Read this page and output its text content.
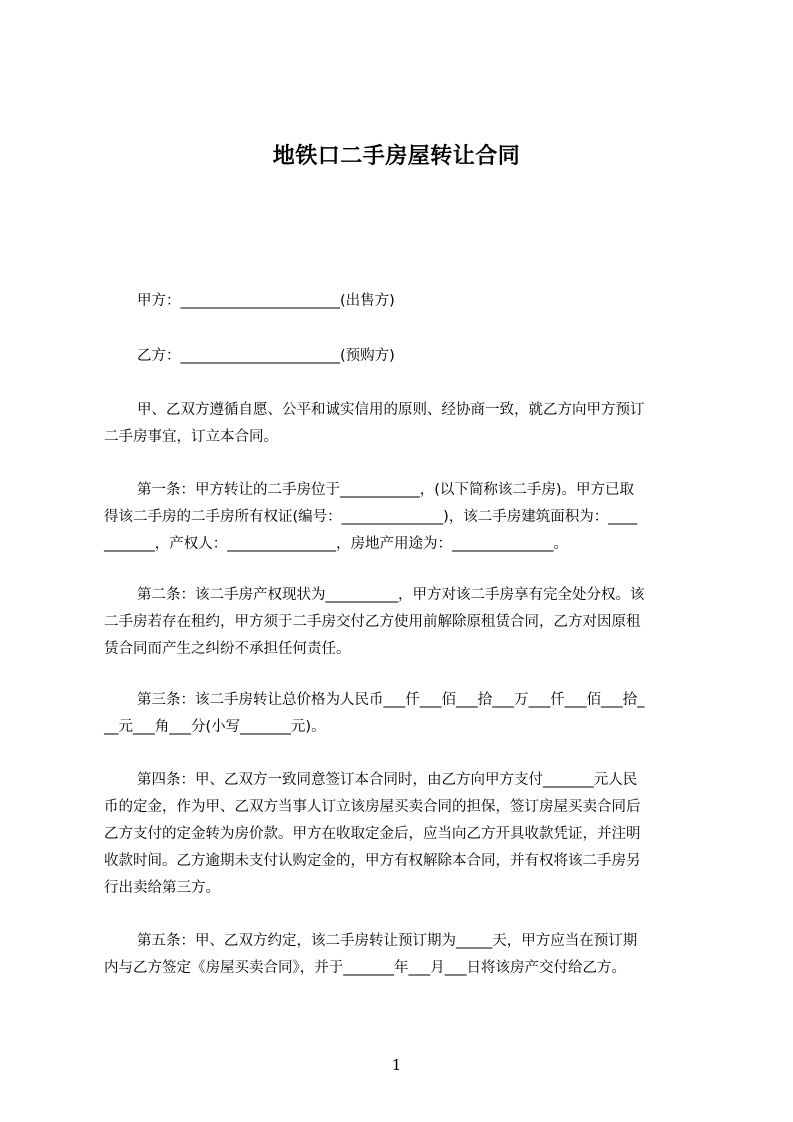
地铁口二手房屋转让合同
甲方：______________________(出售方)
乙方：______________________(预购方)
甲、乙双方遵循自愿、公平和诚实信用的原则、经协商一致，就乙方向甲方预订
二手房事宜，订立本合同。
第一条：甲方转让的二手房位于___________，(以下简称该二手房)。甲方已取
得该二手房的二手房所有权证(编号：______________)，该二手房建筑面积为：____
_______，产权人：_______________，房地产用途为：______________。
第二条：该二手房产权现状为__________，甲方对该二手房享有完全处分权。该
二手房若存在租约，甲方须于二手房交付乙方使用前解除原租赁合同，乙方对因原租
赁合同而产生之纠纷不承担任何责任。
第三条：该二手房转让总价格为人民币___仟___佰___拾___万___仟___佰___拾_
__元___角___分(小写_______元)。
第四条：甲、乙双方一致同意签订本合同时，由乙方向甲方支付_______元人民
币的定金，作为甲、乙双方当事人订立该房屋买卖合同的担保，签订房屋买卖合同后
乙方支付的定金转为房价款。甲方在收取定金后，应当向乙方开具收款凭证，并注明
收款时间。乙方逾期未支付认购定金的，甲方有权解除本合同，并有权将该二手房另
行出卖给第三方。
第五条：甲、乙双方约定，该二手房转让预订期为_____天，甲方应当在预订期
内与乙方签定《房屋买卖合同》，并于_______年___月___日将该房产交付给乙方。
1
